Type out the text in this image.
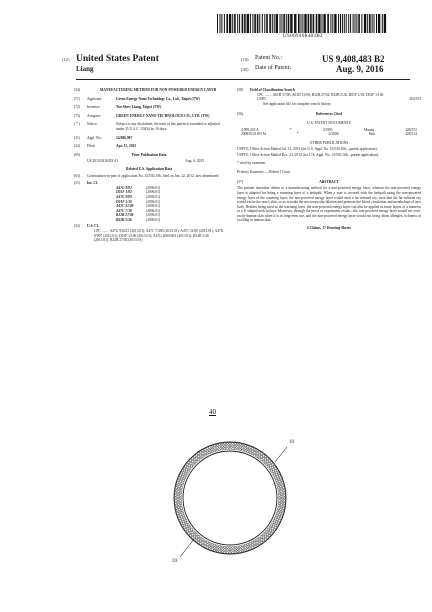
US009408483B2
(12) United States Patent
Liang
(10) Patent No.:	US 9,408,483 B2
(45) Date of Patent:	Aug. 9, 2016
(54)	MANUFACTURING METHOD FOR NON-POWERED ENERGY LAYER
(71)	Applicant:	Green Energy Nano Technology Co., Ltd., Taipei (TW)
(72)	Inventor:	Tsu-Shew Liang, Taipei (TW)
(73)	Assignee:	GREEN ENERGY NANO TECHNOLOGY CO., LTD. (TW)
( * )	Notice:	Subject to any disclaimer, the term of this patent is extended or adjusted under 35 U.S.C. 154(b) by 16 days.
(21)	Appl. No.:	14/686,907
(22)	Filed:	Apr. 15, 2015
(65)	Prior Publication Data
US 2015/0216333 A1	Aug. 6, 2015
Related U.S. Application Data
(63)	Continuation-in-part of application No. 13/530,106, filed on Jun. 22, 2012, now abandoned.
(51)	Int. Cl.
A47G 9/02	(2006.01)
D01F 1/02	(2006.01)
A47G 9/00	(2006.01)
D01F 1/10	(2006.01)
A47C 31/00	(2006.01)
A47C 7/38	(2006.01)
B32B 27/04	(2006.01)
B32B 5/26	(2006.01)
(52)	U.S. Cl.
CPC ........ A47G 9/0215 (2013.01); A47C 7/383 (2013.01); A47C 31/00 (2013.01); A47G 9/007 (2013.01); D01F 1/106 (2013.01); A47G 2009/001 (2013.01); B32B 5/26 (2013.01); B32B 27/04 (2013.01)
(58)	Field of Classification Search
CPC ........ A61B 17/00; A61D 31/00; B32B 27/04; B32B 5/26; D01F 1/10; D01F 1/106
USPC	264/103
See application file for complete search history.
(56)	References Cited
U.S. PATENT DOCUMENTS
4,999,245 A	*	3/1991	Manda	428/372
2008/0141183 A1	*	6/2008	Park	428/314
OTHER PUBLICATIONS
USPTO, Office Action Mailed Jul. 31, 2014 (for U.S. Appl. No. 13/530,106—parent application).
USPTO, Office Action Mailed Dec. 23, 2014 (for U.S. Appl. No. 13/530,106—parent application).
* cited by examiner
Primary Examiner — Robert J Grun
(57)	ABSTRACT
The present invention relates to a manufacturing method for a non-powered energy layer, wherein the non-powered energy layer is adapted for being a warming layer of a bedquilt. When a user is covered with the bedquilt using the non-powered energy layer as the warming layer, the non-powered energy layer would emit a far-infrared ray, such that the far-infrared ray would excite the user's skin, so as to make the microvascular dilation and promote the blood circulation and metabolism of user body. Besides being used as the warming layer, the non-powered energy layer can also be applied as inner layers of a mattress or a U-shaped neck bolster. Moreover, through the proof of experiment results, this non-powered energy layer would not over-excite human skin when it is in long-term use, and the non-powered energy layer would not bring about allergies, itchiness or swelling in human skin.
6 Claims, 17 Drawing Sheets
40
10
20
